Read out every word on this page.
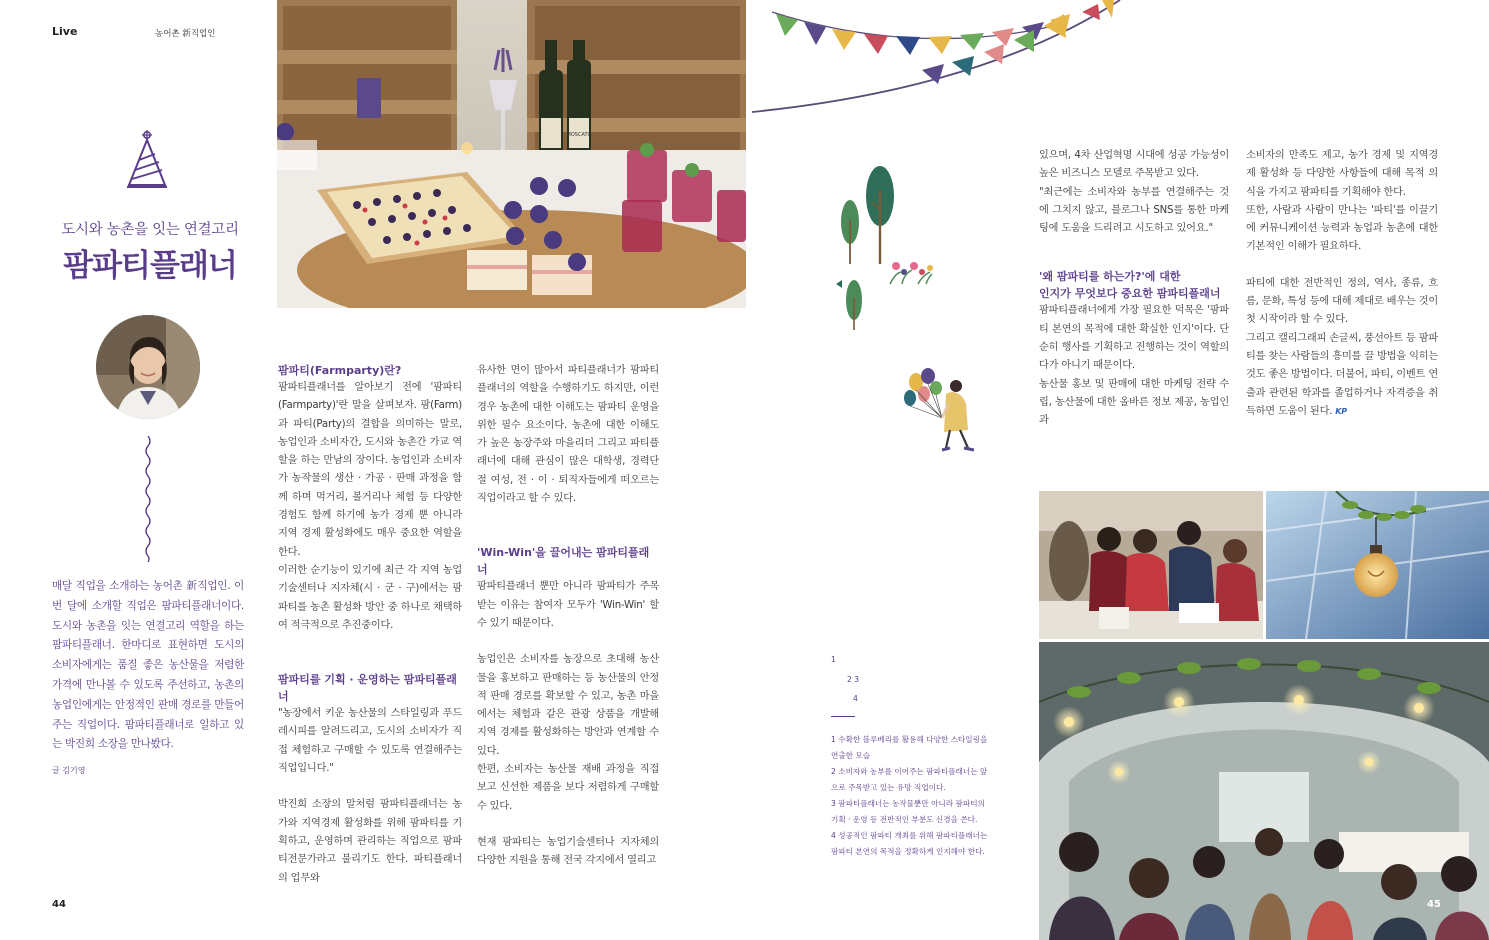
Live	농어촌 新직업인
도시와 농촌을 잇는 연결고리
팜파티플래너
매달 직업을 소개하는 농어촌 新직업인. 이번 달에 소개할 직업은 팜파티플래너이다. 도시와 농촌을 잇는 연결고리 역할을 하는 팜파티플래너. 한마디로 표현하면 도시의 소비자에게는 품질 좋은 농산물을 저렴한 가격에 만나볼 수 있도록 주선하고, 농촌의 농업인에게는 안정적인 판매 경로를 만들어 주는 직업이다. 팜파티플래너로 일하고 있는 박진희 소장을 만나봤다.
글 김기영
44
MOSCATO

팜파티(Farmparty)란?

팜파티플래너를 알아보기 전에 '팜파티(Farmparty)'란 말을 살펴보자. 팜(Farm)과 파티(Party)의 결합을 의미하는 말로, 농업인과 소비자간, 도시와 농촌간 가교 역할을 하는 만남의 장이다. 농업인과 소비자가 농작물의 생산 · 가공 · 판매 과정을 함께 하며 먹거리, 볼거리나 체험 등 다양한 경험도 함께 하기에 농가 경제 뿐 아니라 지역 경제 활성화에도 매우 중요한 역할을 한다.

이러한 순기능이 있기에 최근 각 지역 농업기술센터나 지자체(시 · 군 · 구)에서는 팜파티를 농촌 활성화 방안 중 하나로 채택하여 적극적으로 추진중이다.

팜파티를 기획 · 운영하는 팜파티플래너

"농장에서 키운 농산물의 스타일링과 푸드 레시피를 알려드리고, 도시의 소비자가 직접 체험하고 구매할 수 있도록 연결해주는 직업입니다."

박진희 소장의 말처럼 팜파티플래너는 농가와 지역경제 활성화를 위해 팜파티를 기획하고, 운영하며 관리하는 직업으로 팜파티전문가라고 불리기도 한다. 파티플래너의 업무와

유사한 면이 많아서 파티플래너가 팜파티 플래너의 역할을 수행하기도 하지만, 이런 경우 농촌에 대한 이해도는 팜파티 운영을 위한 필수 요소이다. 농촌에 대한 이해도가 높은 농장주와 마을리더 그리고 파티플래너에 대해 관심이 많은 대학생, 경력단절 여성, 전 · 이 · 퇴직자들에게 떠오르는 직업이라고 할 수 있다.

'Win-Win'을 끌어내는 팜파티플래너

팜파티플래너 뿐만 아니라 팜파티가 주목받는 이유는 참여자 모두가 'Win-Win' 할 수 있기 때문이다.

농업인은 소비자를 농장으로 초대해 농산물을 홍보하고 판매하는 등 농산물의 안정적 판매 경로를 확보할 수 있고, 농촌 마을에서는 체험과 같은 관광 상품을 개발해 지역 경제를 활성화하는 방안과 연계할 수 있다.

한편, 소비자는 농산물 재배 과정을 직접 보고 신선한 제품을 보다 저렴하게 구매할 수 있다.

현재 팜파티는 농업기술센터나 지자체의 다양한 지원을 통해 전국 각지에서 열리고

있으며, 4차 산업혁명 시대에 성공 가능성이 높은 비즈니스 모델로 주목받고 있다.

"최근에는 소비자와 농부를 연결해주는 것에 그치지 않고, 블로그나 SNS를 통한 마케팅에 도움을 드리려고 시도하고 있어요."

'왜 팜파티를 하는가?'에 대한

인지가 무엇보다 중요한 팜파티플래너

팜파티플래너에게 가장 필요한 덕목은 '팜파티 본연의 목적에 대한 확실한 인지'이다. 단순히 행사를 기획하고 진행하는 것이 역할의 다가 아니기 때문이다.

농산물 홍보 및 판매에 대한 마케팅 전략 수립, 농산물에 대한 올바른 정보 제공, 농업인과

소비자의 만족도 제고, 농가 경제 및 지역경제 활성화 등 다양한 사항들에 대해 목적 의식을 가지고 팜파티를 기획해야 한다.

또한, 사람과 사람이 만나는 '파티'를 이끌기에 커뮤니케이션 능력과 농업과 농촌에 대한 기본적인 이해가 필요하다.

파티에 대한 전반적인 정의, 역사, 종류, 흐름, 문화, 특성 등에 대해 제대로 배우는 것이 첫 시작이라 할 수 있다.

그리고 캘리그래피 손글씨, 풍선아트 등 팜파티를 찾는 사람들의 흥미를 끌 방법을 익히는 것도 좋은 방법이다. 더불어, 파티, 이벤트 연출과 관련된 학과를 졸업하거나 자격증을 취득하면 도움이 된다. KP

1
2 3
4
1 수확한 블루베리를 활용해 다양한 스타일링을 연출한 모습
2 소비자와 농부를 이어주는 팜파티플래너는 앞으로 주목받고 있는 유망 직업이다.
3 팜파티플래너는 농작물뿐만 아니라 팜파티의 기획 · 운영 등 전반적인 부분도 신경을 쓴다.
4 성공적인 팜파티 개최를 위해 팜파티플래너는 팜파티 본연의 목적을 정확하게 인지해야 한다.
45
